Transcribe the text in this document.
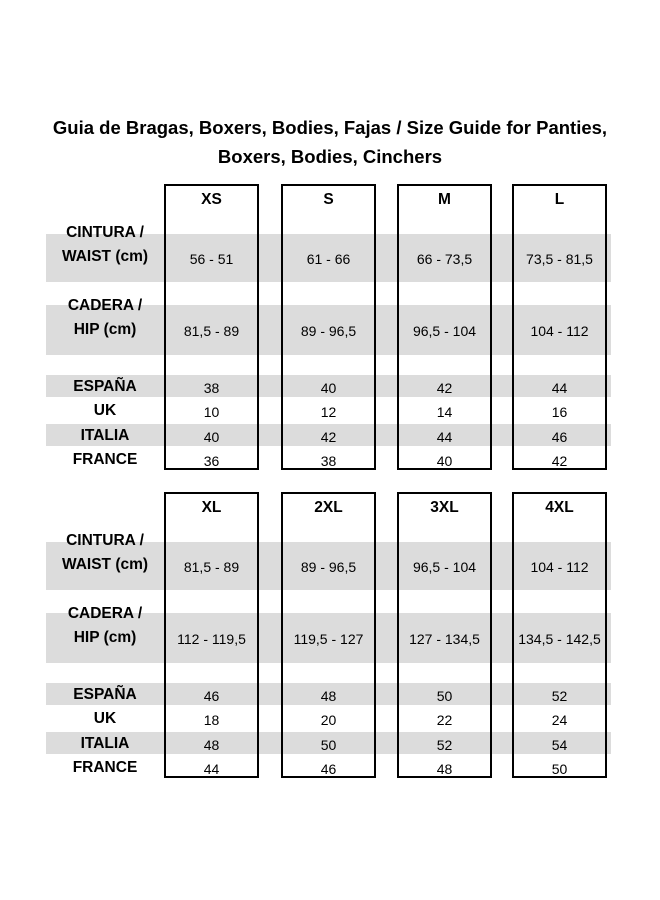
Guia de Bragas, Boxers, Bodies, Fajas / Size Guide for Panties, Boxers, Bodies, Cinchers
CINTURA /
WAIST (cm)
CADERA /
HIP (cm)
ESPAÑA
UK
ITALIA
FRANCE
XS
56 - 51
81,5 - 89
38
10
40
36
S
61 - 66
89 - 96,5
40
12
42
38
M
66 - 73,5
96,5 - 104
42
14
44
40
L
73,5 - 81,5
104 - 112
44
16
46
42
CINTURA /
WAIST (cm)
CADERA /
HIP (cm)
ESPAÑA
UK
ITALIA
FRANCE
XL
81,5 - 89
112 - 119,5
46
18
48
44
2XL
89 - 96,5
119,5 - 127
48
20
50
46
3XL
96,5 - 104
127 - 134,5
50
22
52
48
4XL
104 - 112
134,5 - 142,5
52
24
54
50
